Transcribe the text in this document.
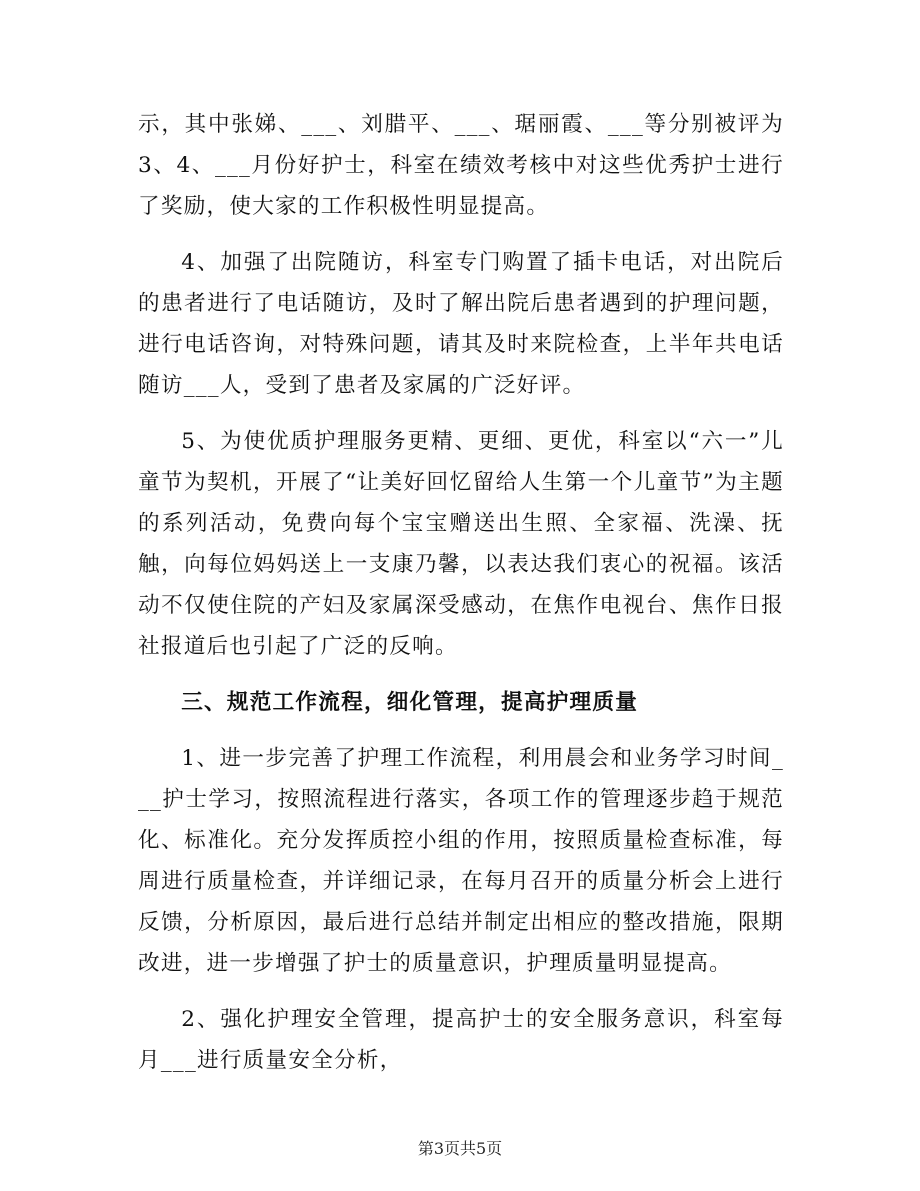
示，其中张娣、___、刘腊平、___、琚丽霞、___等分别被评为3、4、___月份好护士，科室在绩效考核中对这些优秀护士进行了奖励，使大家的工作积极性明显提高。

4、加强了出院随访，科室专门购置了插卡电话，对出院后的患者进行了电话随访，及时了解出院后患者遇到的护理问题，进行电话咨询，对特殊问题，请其及时来院检查，上半年共电话随访___人，受到了患者及家属的广泛好评。

5、为使优质护理服务更精、更细、更优，科室以“六一”儿童节为契机，开展了“让美好回忆留给人生第一个儿童节”为主题的系列活动，免费向每个宝宝赠送出生照、全家福、洗澡、抚触，向每位妈妈送上一支康乃馨，以表达我们衷心的祝福。该活动不仅使住院的产妇及家属深受感动，在焦作电视台、焦作日报社报道后也引起了广泛的反响。

三、规范工作流程，细化管理，提高护理质量

1、进一步完善了护理工作流程，利用晨会和业务学习时间___护士学习，按照流程进行落实，各项工作的管理逐步趋于规范化、标准化。充分发挥质控小组的作用，按照质量检查标准，每周进行质量检查，并详细记录，在每月召开的质量分析会上进行反馈，分析原因，最后进行总结并制定出相应的整改措施，限期改进，进一步增强了护士的质量意识，护理质量明显提高。

2、强化护理安全管理，提高护士的安全服务意识，科室每月___进行质量安全分析，

第3页共5页
